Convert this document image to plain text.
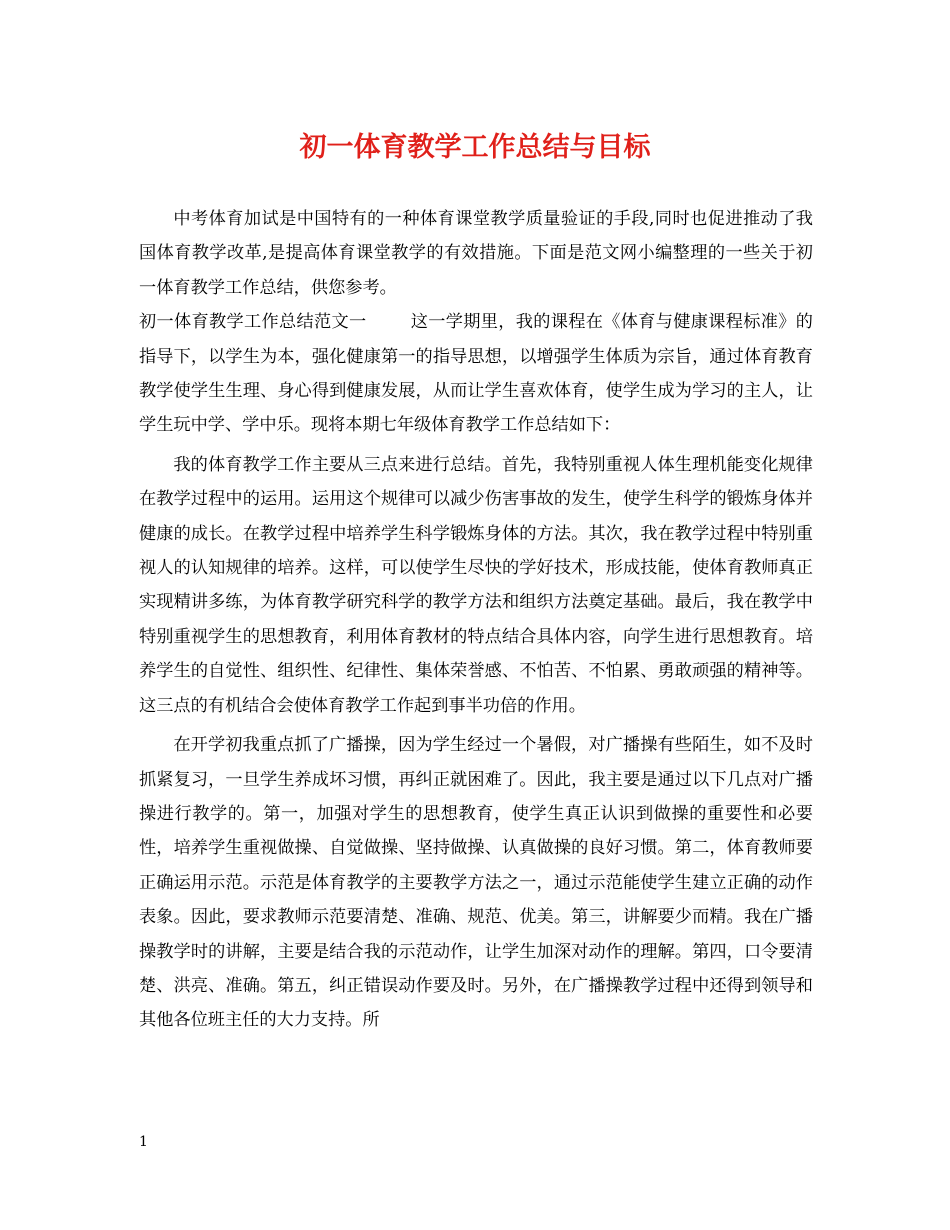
初一体育教学工作总结与目标

中考体育加试是中国特有的一种体育课堂教学质量验证的手段,同时也促进推动了我国体育教学改革,是提高体育课堂教学的有效措施。下面是范文网小编整理的一些关于初一体育教学工作总结，供您参考。

初一体育教学工作总结范文一	这一学期里，我的课程在《体育与健康课程标准》的指导下，以学生为本，强化健康第一的指导思想，以增强学生体质为宗旨，通过体育教育教学使学生生理、身心得到健康发展，从而让学生喜欢体育，使学生成为学习的主人，让学生玩中学、学中乐。现将本期七年级体育教学工作总结如下：

我的体育教学工作主要从三点来进行总结。首先，我特别重视人体生理机能变化规律在教学过程中的运用。运用这个规律可以减少伤害事故的发生，使学生科学的锻炼身体并健康的成长。在教学过程中培养学生科学锻炼身体的方法。其次，我在教学过程中特别重视人的认知规律的培养。这样，可以使学生尽快的学好技术，形成技能，使体育教师真正实现精讲多练，为体育教学研究科学的教学方法和组织方法奠定基础。最后，我在教学中特别重视学生的思想教育，利用体育教材的特点结合具体内容，向学生进行思想教育。培养学生的自觉性、组织性、纪律性、集体荣誉感、不怕苦、不怕累、勇敢顽强的精神等。这三点的有机结合会使体育教学工作起到事半功倍的作用。

在开学初我重点抓了广播操，因为学生经过一个暑假，对广播操有些陌生，如不及时抓紧复习，一旦学生养成坏习惯，再纠正就困难了。因此，我主要是通过以下几点对广播操进行教学的。第一，加强对学生的思想教育，使学生真正认识到做操的重要性和必要性，培养学生重视做操、自觉做操、坚持做操、认真做操的良好习惯。第二，体育教师要正确运用示范。示范是体育教学的主要教学方法之一，通过示范能使学生建立正确的动作表象。因此，要求教师示范要清楚、准确、规范、优美。第三，讲解要少而精。我在广播操教学时的讲解，主要是结合我的示范动作，让学生加深对动作的理解。第四，口令要清楚、洪亮、准确。第五，纠正错误动作要及时。另外，在广播操教学过程中还得到领导和其他各位班主任的大力支持。所

1
